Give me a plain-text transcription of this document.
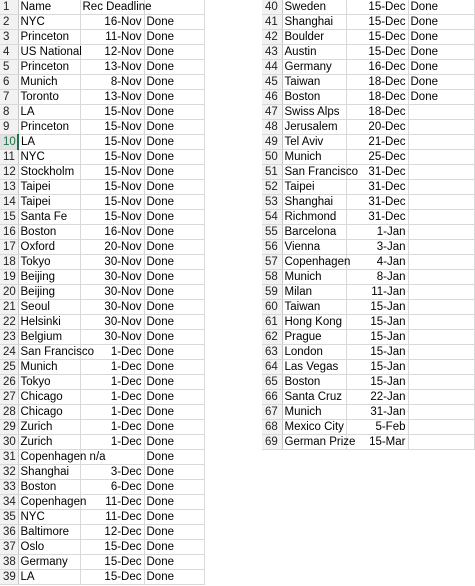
1	Name	Rec Deadline	
2	NYC	16-Nov	Done
3	Princeton	11-Nov	Done
4	US National	12-Nov	Done
5	Princeton	13-Nov	Done
6	Munich	8-Nov	Done
7	Toronto	13-Nov	Done
8	LA	15-Nov	Done
9	Princeton	15-Nov	Done
10	LA	15-Nov	Done
11	NYC	15-Nov	Done
12	Stockholm	15-Nov	Done
13	Taipei	15-Nov	Done
14	Taipei	15-Nov	Done
15	Santa Fe	15-Nov	Done
16	Boston	16-Nov	Done
17	Oxford	20-Nov	Done
18	Tokyo	30-Nov	Done
19	Beijing	30-Nov	Done
20	Beijing	30-Nov	Done
21	Seoul	30-Nov	Done
22	Helsinki	30-Nov	Done
23	Belgium	30-Nov	Done
24	San Francisco	1-Dec	Done
25	Munich	1-Dec	Done
26	Tokyo	1-Dec	Done
27	Chicago	1-Dec	Done
28	Chicago	1-Dec	Done
29	Zurich	1-Dec	Done
30	Zurich	1-Dec	Done
31	Copenhagen n/a		Done
32	Shanghai	3-Dec	Done
33	Boston	6-Dec	Done
34	Copenhagen	11-Dec	Done
35	NYC	11-Dec	Done
36	Baltimore	12-Dec	Done
37	Oslo	15-Dec	Done
38	Germany	15-Dec	Done
39	LA	15-Dec	Done
40	Sweden	15-Dec	Done
41	Shanghai	15-Dec	Done
42	Boulder	15-Dec	Done
43	Austin	15-Dec	Done
44	Germany	16-Dec	Done
45	Taiwan	18-Dec	Done
46	Boston	18-Dec	Done
47	Swiss Alps	18-Dec	
48	Jerusalem	20-Dec	
49	Tel Aviv	21-Dec	
50	Munich	25-Dec	
51	San Francisco	31-Dec	
52	Taipei	31-Dec	
53	Shanghai	31-Dec	
54	Richmond	31-Dec	
55	Barcelona	1-Jan	
56	Vienna	3-Jan	
57	Copenhagen	4-Jan	
58	Munich	8-Jan	
59	Milan	11-Jan	
60	Taiwan	15-Jan	
61	Hong Kong	15-Jan	
62	Prague	15-Jan	
63	London	15-Jan	
64	Las Vegas	15-Jan	
65	Boston	15-Jan	
66	Santa Cruz	22-Jan	
67	Munich	31-Jan	
68	Mexico City	5-Feb	
69	German Prize	15-Mar	
